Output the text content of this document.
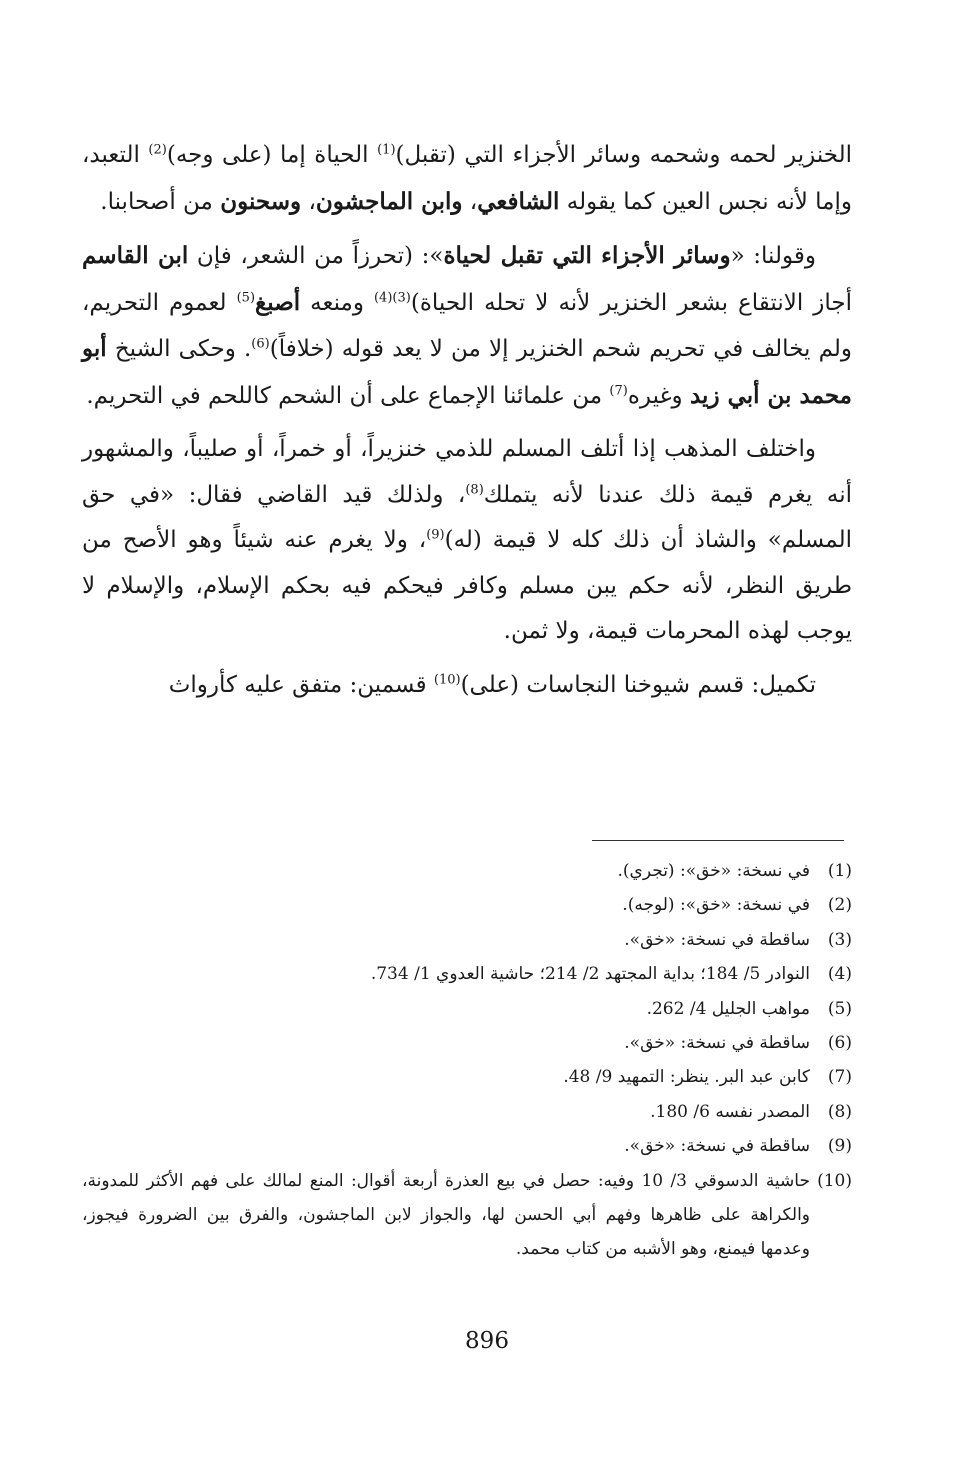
الخنزير لحمه وشحمه وسائر الأجزاء التي (تقبل)$^{(1)}$ الحياة إما (على وجه)$^{(2)}$ التعبد، وإما لأنه نجس العين كما يقوله الشافعي، وابن الماجشون، وسحنون من أصحابنا.

وقولنا: «وسائر الأجزاء التي تقبل لحياة»: (تحرزاً من الشعر، فإن ابن القاسم أجاز الانتقاع بشعر الخنزير لأنه لا تحله الحياة)$^{(3)(4)}$ ومنعه أصبغ$^{(5)}$ لعموم التحريم، ولم يخالف في تحريم شحم الخنزير إلا من لا يعد قوله (خلافاً)$^{(6)}$. وحكى الشيخ أبو محمد بن أبي زيد وغيره$^{(7)}$ من علمائنا الإجماع على أن الشحم كاللحم في التحريم.

واختلف المذهب إذا أتلف المسلم للذمي خنزيراً، أو خمراً، أو صليباً، والمشهور أنه يغرم قيمة ذلك عندنا لأنه يتملك$^{(8)}$، ولذلك قيد القاضي فقال: «في حق المسلم» والشاذ أن ذلك كله لا قيمة (له)$^{(9)}$، ولا يغرم عنه شيئاً وهو الأصح من طريق النظر، لأنه حكم يبن مسلم وكافر فيحكم فيه بحكم الإسلام، والإسلام لا يوجب لهذه المحرمات قيمة، ولا ثمن.

تكميل: قسم شيوخنا النجاسات (على)$^{(10)}$ قسمين: متفق عليه كأرواث

(1)
في نسخة: «خق»: (تجري).
(2)
في نسخة: «خق»: (لوجه).
(3)
ساقطة في نسخة: «خق».
(4)
النوادر 5/ 184؛ بداية المجتهد 2/ 214؛ حاشية العدوي 1/ 734.
(5)
مواهب الجليل 4/ 262.
(6)
ساقطة في نسخة: «خق».
(7)
كابن عبد البر. ينظر: التمهيد 9/ 48.
(8)
المصدر نفسه 6/ 180.
(9)
ساقطة في نسخة: «خق».
(10)
حاشية الدسوقي 3/ 10 وفيه: حصل في بيع العذرة أربعة أقوال: المنع لمالك على فهم الأكثر للمدونة، والكراهة على ظاهرها وفهم أبي الحسن لها، والجواز لابن الماجشون، والفرق بين الضرورة فيجوز، وعدمها فيمنع، وهو الأشبه من كتاب محمد.
896
